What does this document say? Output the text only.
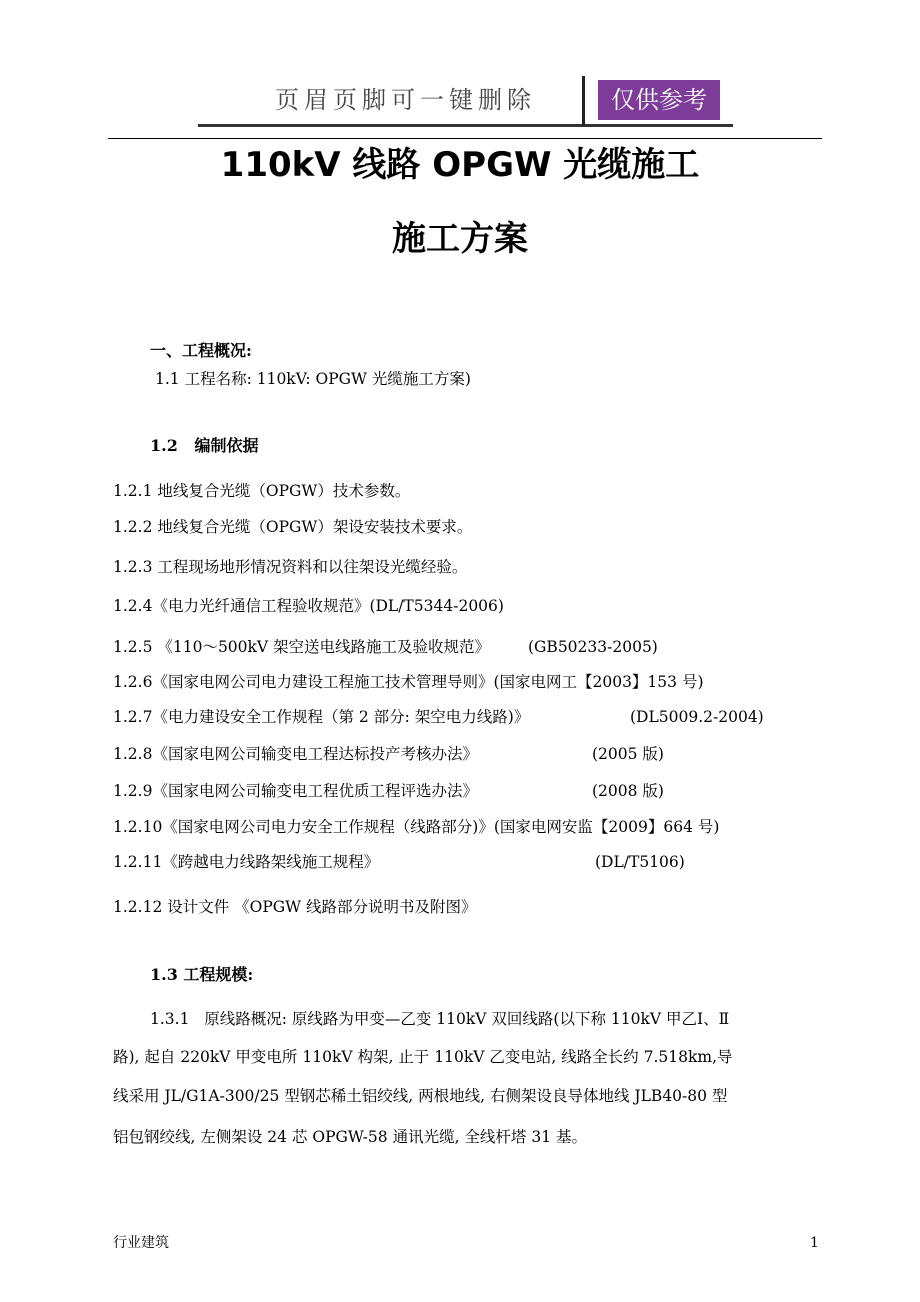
页眉页脚可一键删除	仅供参考
110kV 线路 OPGW 光缆施工
施工方案
一、工程概况:
1.1 工程名称: 110kV: OPGW 光缆施工方案)
1.2   编制依据
1.2.1 地线复合光缆（OPGW）技术参数。
1.2.2 地线复合光缆（OPGW）架设安装技术要求。
1.2.3 工程现场地形情况资料和以往架设光缆经验。
1.2.4《电力光纤通信工程验收规范》(DL/T5344-2006)
1.2.5 《110～500kV 架空送电线路施工及验收规范》 (GB50233-2005)
1.2.6《国家电网公司电力建设工程施工技术管理导则》(国家电网工【2003】153 号)
1.2.7《电力建设安全工作规程（第 2 部分: 架空电力线路)》	(DL5009.2-2004)
1.2.8《国家电网公司输变电工程达标投产考核办法》	(2005 版)
1.2.9《国家电网公司输变电工程优质工程评选办法》	(2008 版)
1.2.10《国家电网公司电力安全工作规程（线路部分)》(国家电网安监【2009】664 号)
1.2.11《跨越电力线路架线施工规程》	(DL/T5106)
1.2.12 设计文件 《OPGW 线路部分说明书及附图》
1.3 工程规模:
1.3.1   原线路概况: 原线路为甲变—乙变 110kV 双回线路(以下称 110kV 甲乙Ⅰ、Ⅱ
路), 起自 220kV 甲变电所 110kV 构架, 止于 110kV 乙变电站, 线路全长约 7.518km,导
线采用 JL/G1A-300/25 型钢芯稀土铝绞线, 两根地线, 右侧架设良导体地线 JLB40-80 型
铝包钢绞线, 左侧架设 24 芯 OPGW-58 通讯光缆, 全线杆塔 31 基。
行业建筑	1
